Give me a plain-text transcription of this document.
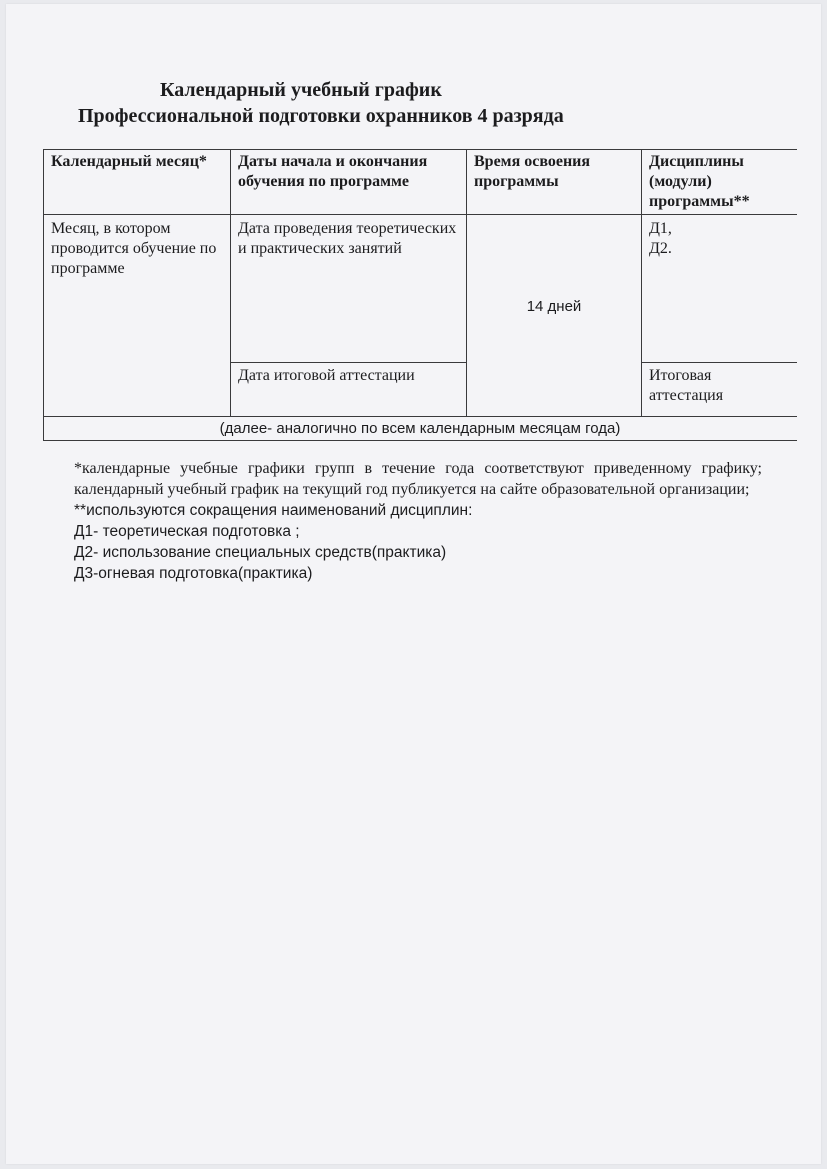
Календарный учебный график
Профессиональной подготовки охранников 4 разряда
Календарный месяц*	Даты начала и окончания обучения по программе
Время освоения программы
Дисциплины (модули) программы**
Месяц, в котором проводится обучение по программе
Дата проведения теоретических и практических занятий
14 дней
Д1,
Д2.
Дата итоговой аттестации	Итоговая аттестация
(далее- аналогично по всем календарным месяцам года)
*календарные учебные графики групп в течение года соответствуют приведенному графику; календарный учебный график на текущий год публикуется на сайте образовательной организации;
**используются сокращения наименований дисциплин:
Д1- теоретическая подготовка ;
Д2- использование специальных средств(практика)
Д3-огневая подготовка(практика)
